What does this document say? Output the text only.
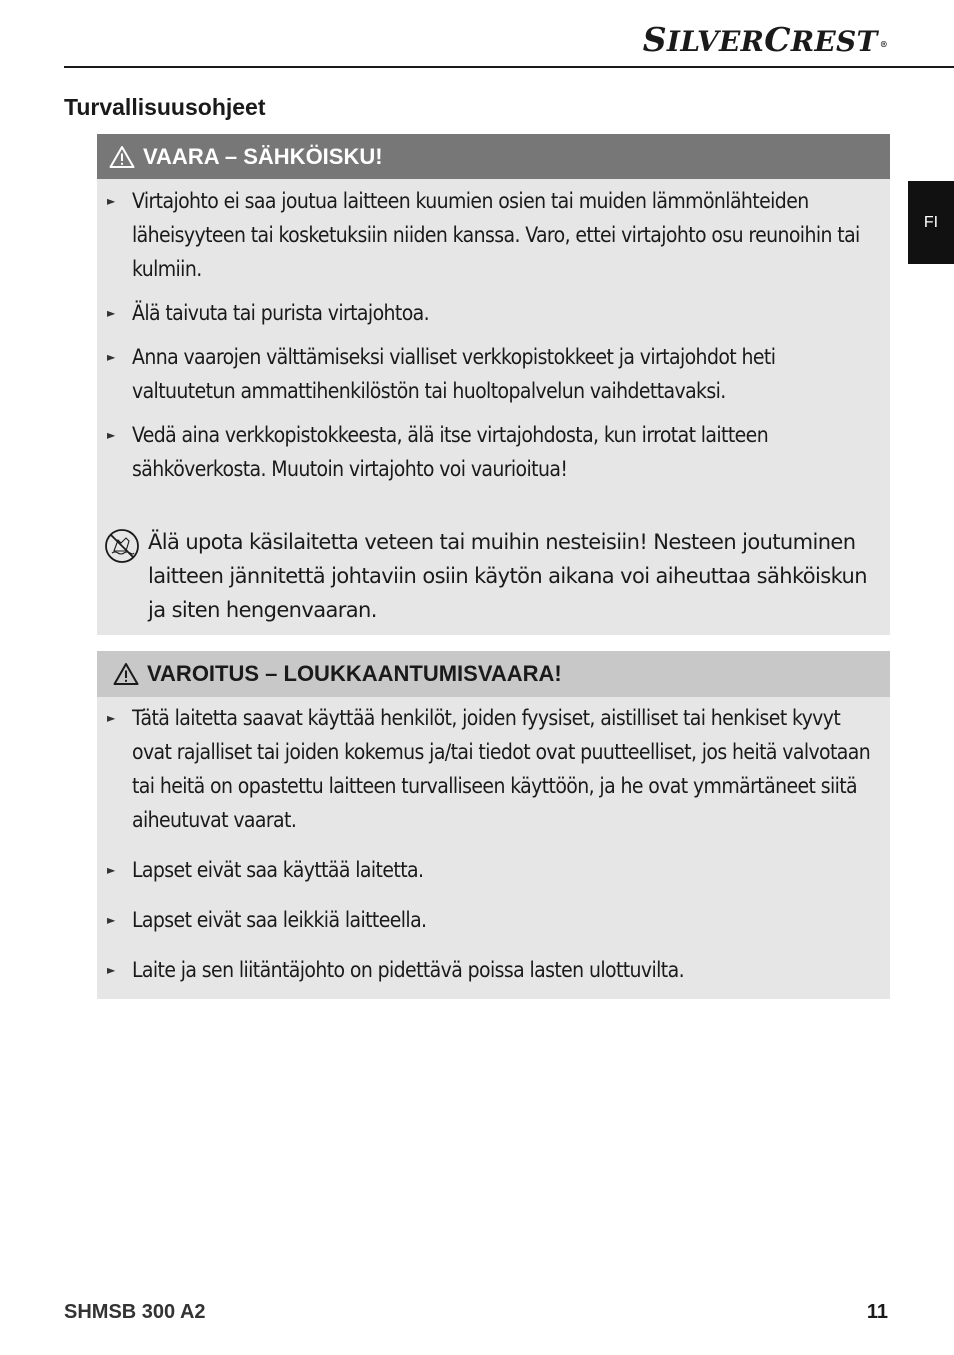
SILVERCREST ®
FI
Turvallisuusohjeet
VAARA – SÄHKÖISKU!
► Virtajohto ei saa joutua laitteen kuumien osien tai muiden lämmönlähteiden läheisyyteen tai kosketuksiin niiden kanssa. Varo, ettei virtajohto osu reunoihin tai kulmiin.
► Älä taivuta tai purista virtajohtoa.
► Anna vaarojen välttämiseksi vialliset verkkopistokkeet ja virtajohdot heti valtuutetun ammattihenkilöstön tai huoltopalvelun vaihdettavaksi.
► Vedä aina verkkopistokkeesta, älä itse virtajohdosta, kun irrotat laitteen sähköverkosta. Muutoin virtajohto voi vaurioitua!
Älä upota käsilaitetta veteen tai muihin nesteisiin! Nesteen joutuminen laitteen jännitettä johtaviin osiin käytön aikana voi aiheuttaa sähköiskun ja siten hengenvaaran.
VAROITUS – LOUKKAANTUMISVAARA!
► Tätä laitetta saavat käyttää henkilöt, joiden fyysiset, aistilliset tai henkiset kyvyt ovat rajalliset tai joiden kokemus ja/tai tiedot ovat puutteelliset, jos heitä valvotaan tai heitä on opastettu laitteen turvalliseen käyttöön, ja he ovat ymmärtäneet siitä aiheutuvat vaarat.
► Lapset eivät saa käyttää laitetta.
► Lapset eivät saa leikkiä laitteella.
► Laite ja sen liitäntäjohto on pidettävä poissa lasten ulottuvilta.
SHMSB 300 A2	11
